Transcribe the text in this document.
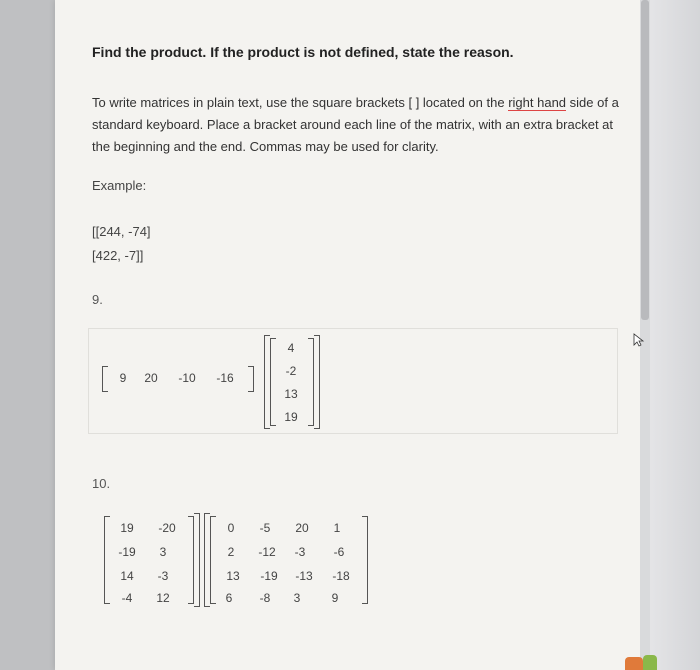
Find the product. If the product is not defined, state the reason.
To write matrices in plain text, use the square brackets [ ] located on the right hand side of a standard keyboard. Place a bracket around each line of the matrix, with an extra bracket at the beginning and the end. Commas may be used for clarity.
Example:
[[244, -74]
[422, -7]]
9.
9	20	-10	-16
4
-2
13
19
10.
19	-20
-19	3
14	-3
-4	12
0	-5	20	1
2	-12	-3	-6
13	-19	-13	-18
6	-8	3	9
